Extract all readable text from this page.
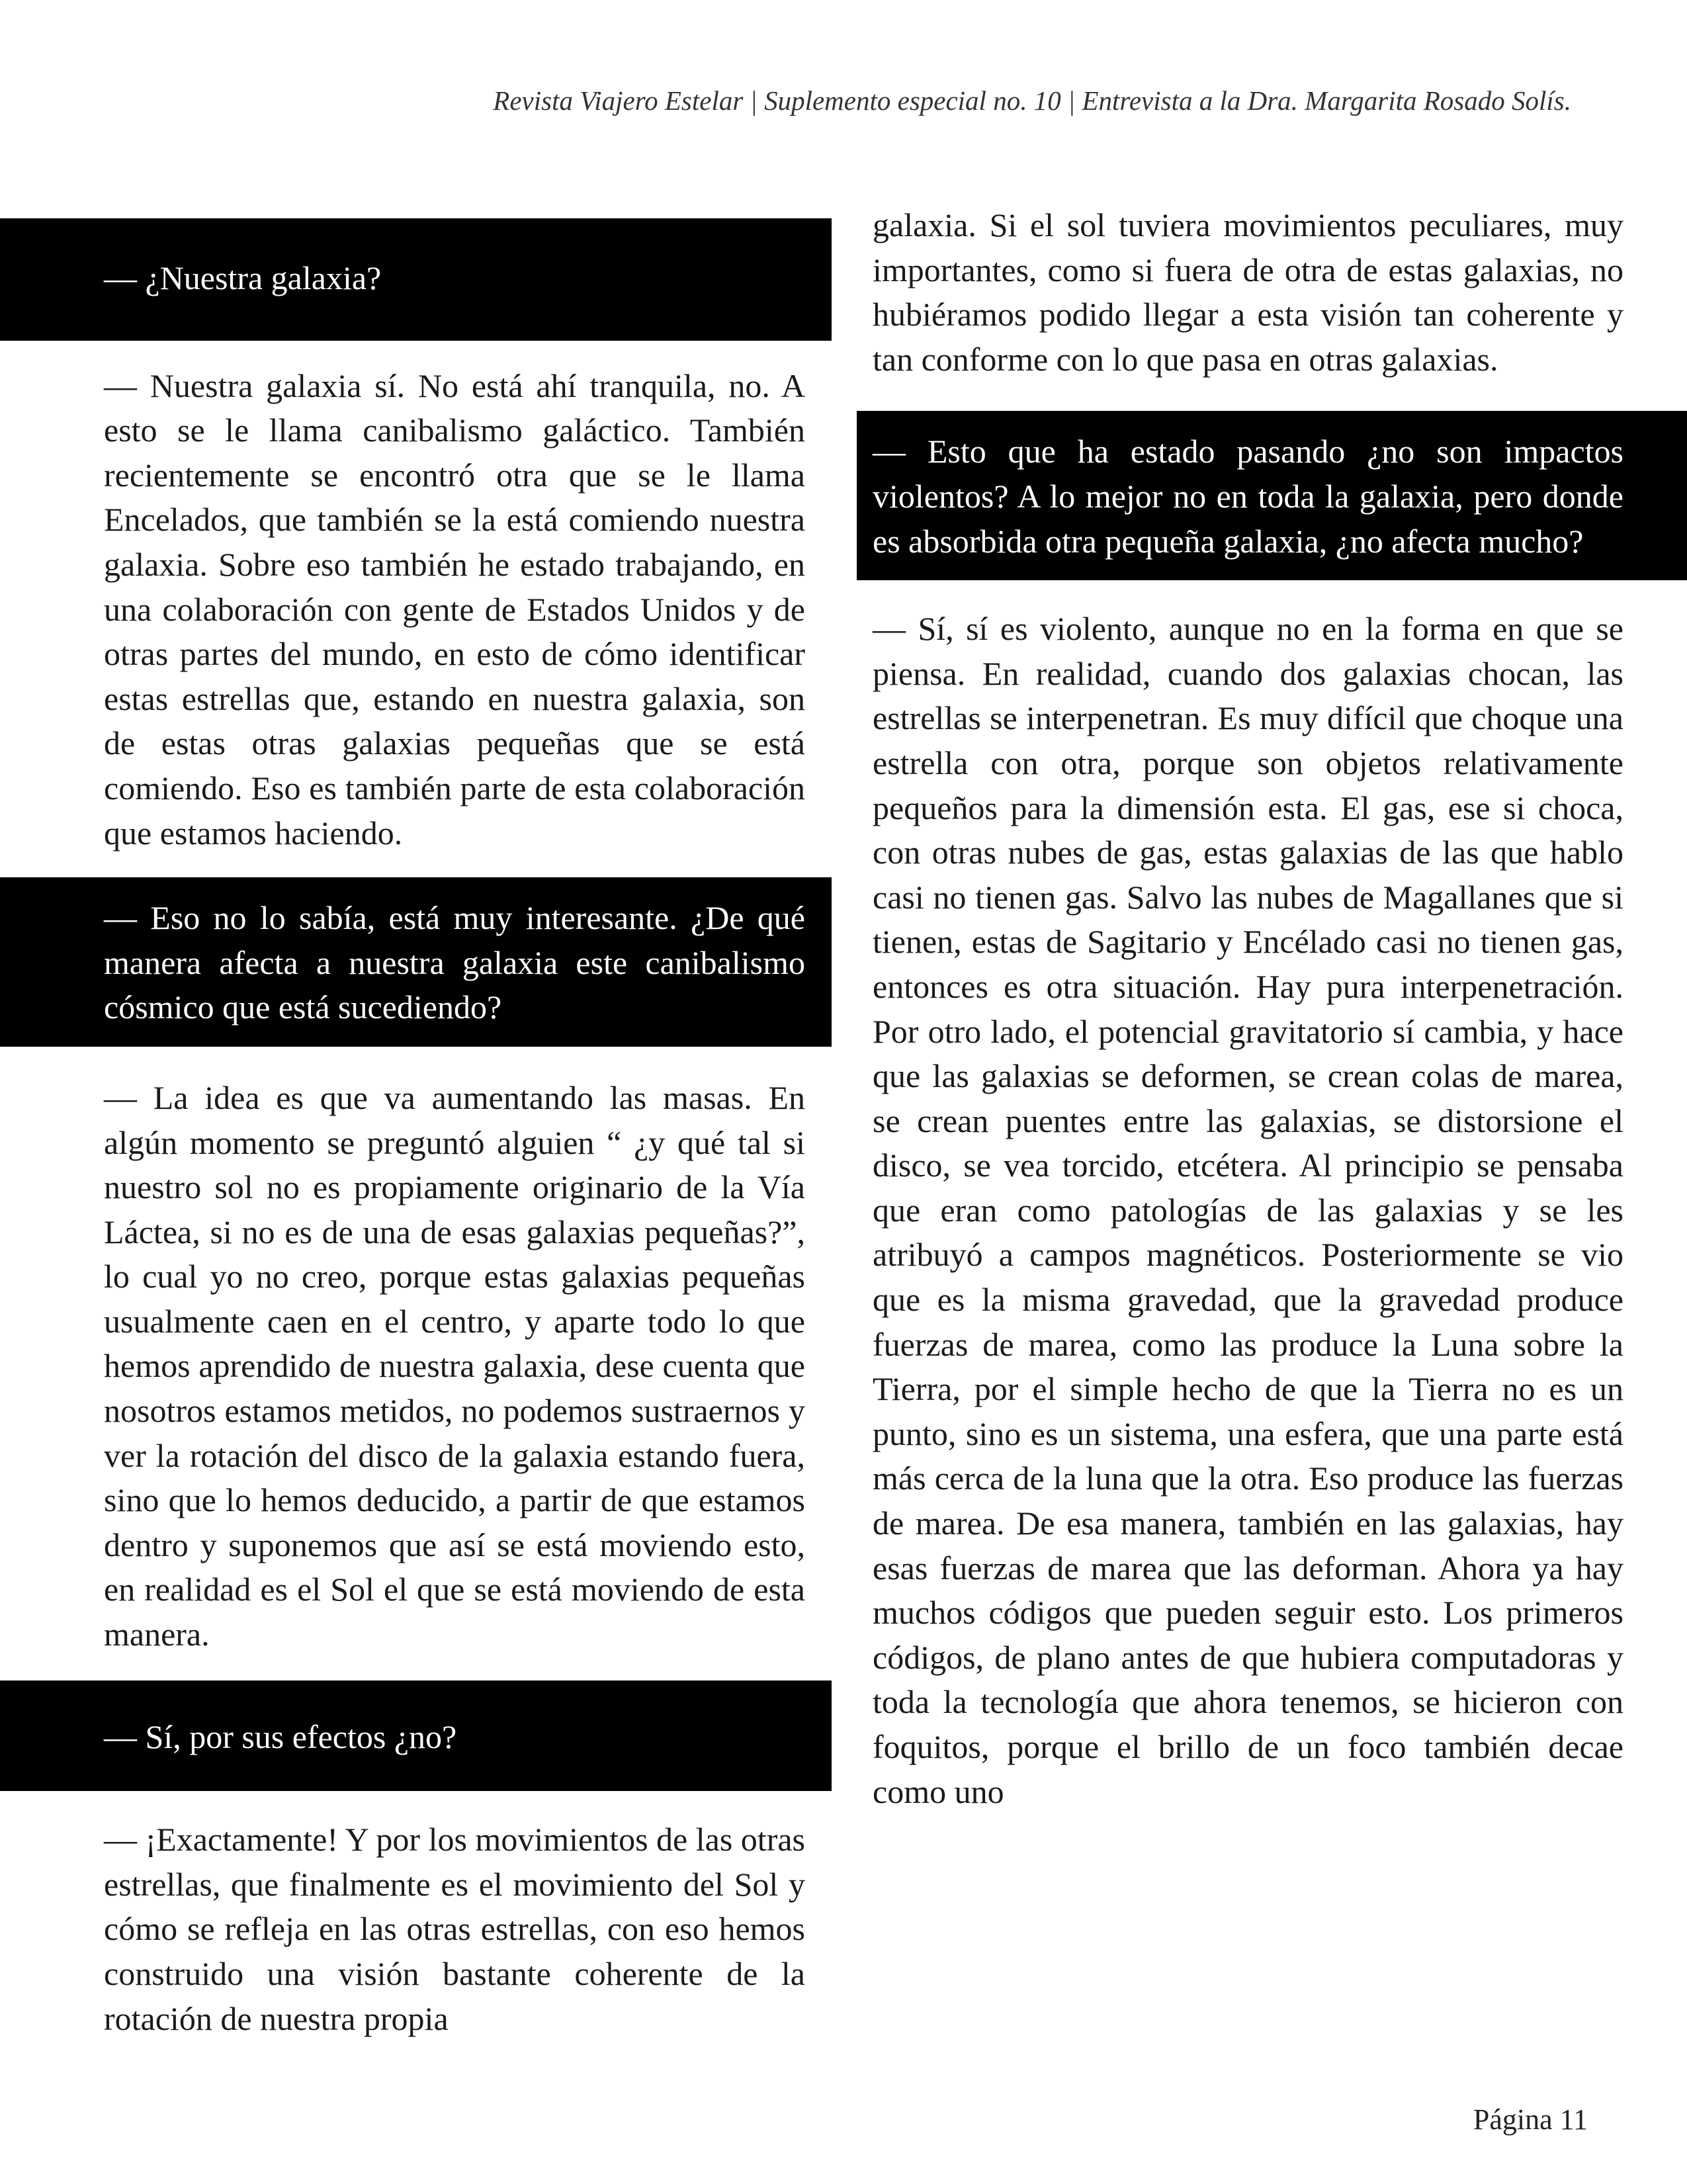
Revista Viajero Estelar | Suplemento especial no. 10 | Entrevista a la Dra. Margarita Rosado Solís.
— ¿Nuestra galaxia?

— Nuestra galaxia sí. No está ahí tranquila, no. A esto se le llama canibalismo galáctico. También recientemente se encontró otra que se le llama Encelados, que también se la está comiendo nuestra galaxia. Sobre eso también he estado trabajando, en una colaboración con gente de Estados Unidos y de otras partes del mundo, en esto de cómo identificar estas estrellas que, estando en nuestra galaxia, son de estas otras galaxias pequeñas que se está comiendo. Eso es también parte de esta colaboración que estamos haciendo.

— Eso no lo sabía, está muy interesante. ¿De qué manera afecta a nuestra galaxia este canibalismo cósmico que está sucediendo?

— La idea es que va aumentando las masas. En algún momento se preguntó alguien “ ¿y qué tal si nuestro sol no es propiamente originario de la Vía Láctea, si no es de una de esas galaxias pequeñas?”, lo cual yo no creo, porque estas galaxias pequeñas usualmente caen en el centro, y aparte todo lo que hemos aprendido de nuestra galaxia, dese cuenta que nosotros estamos metidos, no podemos sustraernos y ver la rotación del disco de la galaxia estando fuera, sino que lo hemos deducido, a partir de que estamos dentro y suponemos que así se está moviendo esto, en realidad es el Sol el que se está moviendo de esta manera.

— Sí, por sus efectos ¿no?

— ¡Exactamente! Y por los movimientos de las otras estrellas, que finalmente es el movimiento del Sol y cómo se refleja en las otras estrellas, con eso hemos construido una visión bastante coherente de la rotación de nuestra propia

galaxia. Si el sol tuviera movimientos peculiares, muy importantes, como si fuera de otra de estas galaxias, no hubiéramos podido llegar a esta visión tan coherente y tan conforme con lo que pasa en otras galaxias.

— Esto que ha estado pasando ¿no son impactos violentos? A lo mejor no en toda la galaxia, pero donde es absorbida otra pequeña galaxia, ¿no afecta mucho?

— Sí, sí es violento, aunque no en la forma en que se piensa. En realidad, cuando dos galaxias chocan, las estrellas se interpenetran. Es muy difícil que choque una estrella con otra, porque son objetos relativamente pequeños para la dimensión esta. El gas, ese si choca, con otras nubes de gas, estas galaxias de las que hablo casi no tienen gas. Salvo las nubes de Magallanes que si tienen, estas de Sagitario y Encélado casi no tienen gas, entonces es otra situación. Hay pura interpenetración. Por otro lado, el potencial gravitatorio sí cambia, y hace que las galaxias se deformen, se crean colas de marea, se crean puentes entre las galaxias, se distorsione el disco, se vea torcido, etcétera. Al principio se pensaba que eran como patologías de las galaxias y se les atribuyó a campos magnéticos. Posteriormente se vio que es la misma gravedad, que la gravedad produce fuerzas de marea, como las produce la Luna sobre la Tierra, por el simple hecho de que la Tierra no es un punto, sino es un sistema, una esfera, que una parte está más cerca de la luna que la otra. Eso produce las fuerzas de marea. De esa manera, también en las galaxias, hay esas fuerzas de marea que las deforman. Ahora ya hay muchos códigos que pueden seguir esto. Los primeros códigos, de plano antes de que hubiera computadoras y toda la tecnología que ahora tenemos, se hicieron con foquitos, porque el brillo de un foco también decae como uno

Página 11
